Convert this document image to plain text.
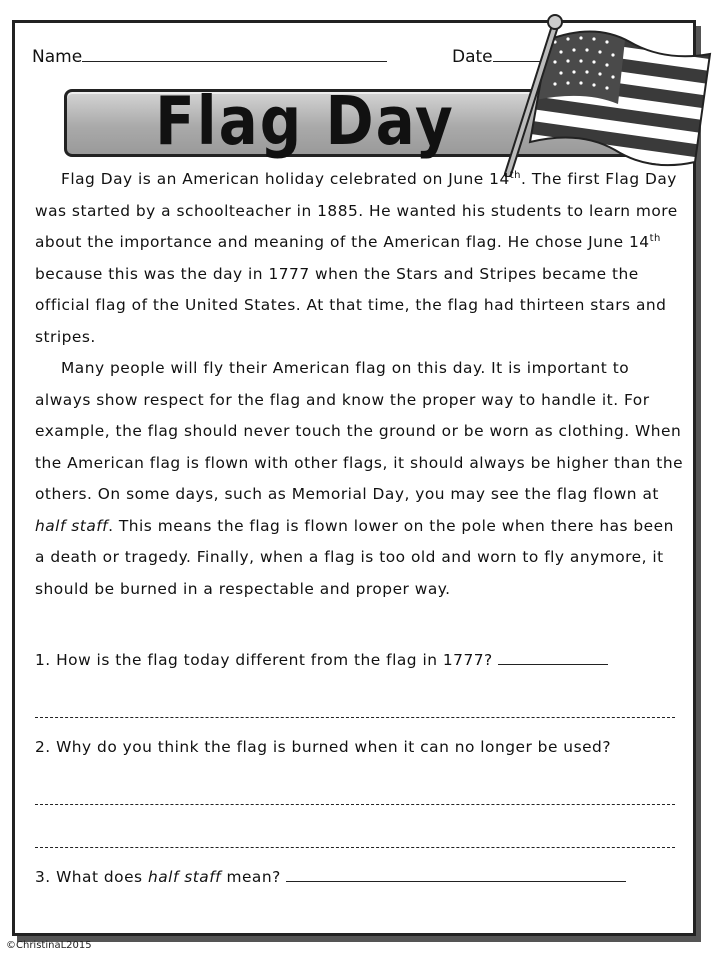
Name	Date
Flag Day

Flag Day is an American holiday celebrated on June 14th. The first Flag Day was started by a schoolteacher in 1885. He wanted his students to learn more about the importance and meaning of the American flag. He chose June 14th because this was the day in 1777 when the Stars and Stripes became the official flag of the United States. At that time, the flag had thirteen stars and stripes.

Many people will fly their American flag on this day. It is important to always show respect for the flag and know the proper way to handle it. For example, the flag should never touch the ground or be worn as clothing. When the American flag is flown with other flags, it should always be higher than the others. On some days, such as Memorial Day, you may see the flag flown at half staff. This means the flag is flown lower on the pole when there has been a death or tragedy. Finally, when a flag is too old and worn to fly anymore, it should be burned in a respectable and proper way.

1. How is the flag today different from the flag in 1777?
2. Why do you think the flag is burned when it can no longer be used?
3. What does half staff mean?
©ChristinaL2015
